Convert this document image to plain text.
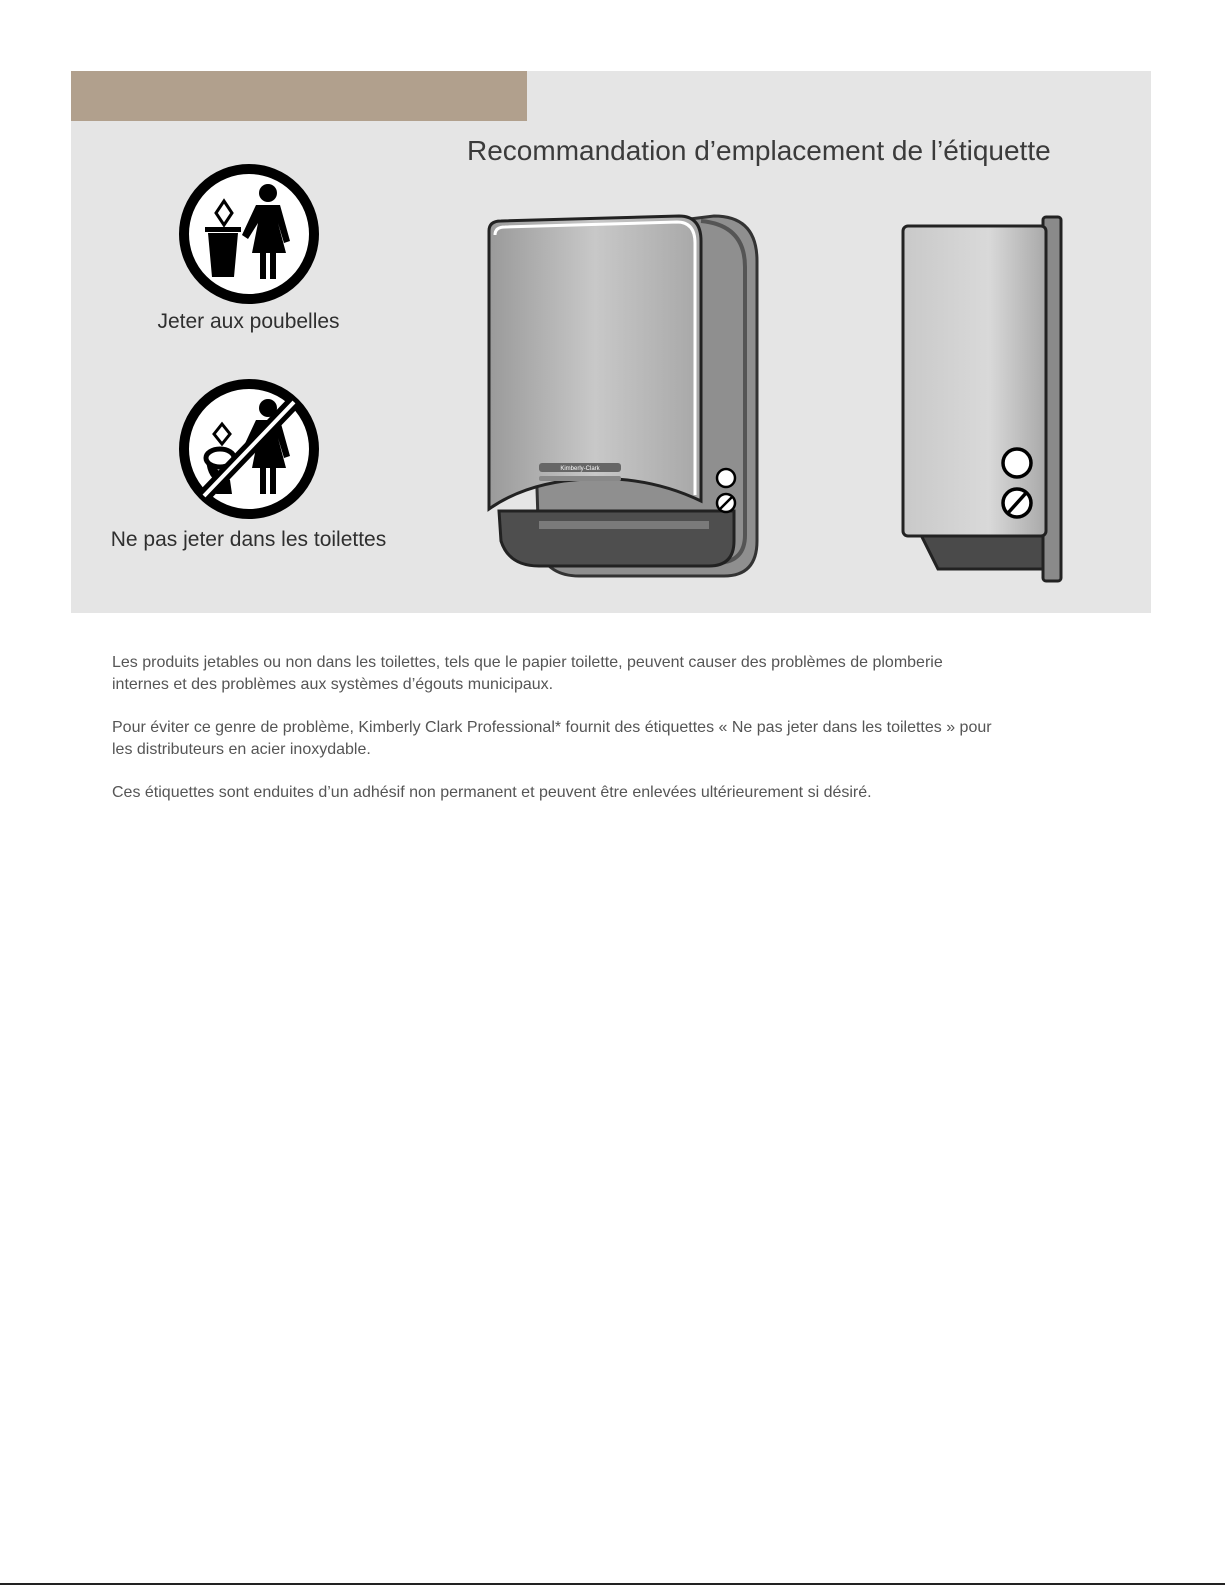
Recommandation d’emplacement de l’étiquette
Jeter aux poubelles
Ne pas jeter dans les toilettes
Kimberly-Clark

Les produits jetables ou non dans les toilettes, tels que le papier toilette, peuvent causer des problèmes de plomberie internes et des problèmes aux systèmes d’égouts municipaux.

Pour éviter ce genre de problème, Kimberly Clark Professional* fournit des étiquettes « Ne pas jeter dans les toilettes » pour les distributeurs en acier inoxydable.

Ces étiquettes sont enduites d’un adhésif non permanent et peuvent être enlevées ultérieurement si désiré.
